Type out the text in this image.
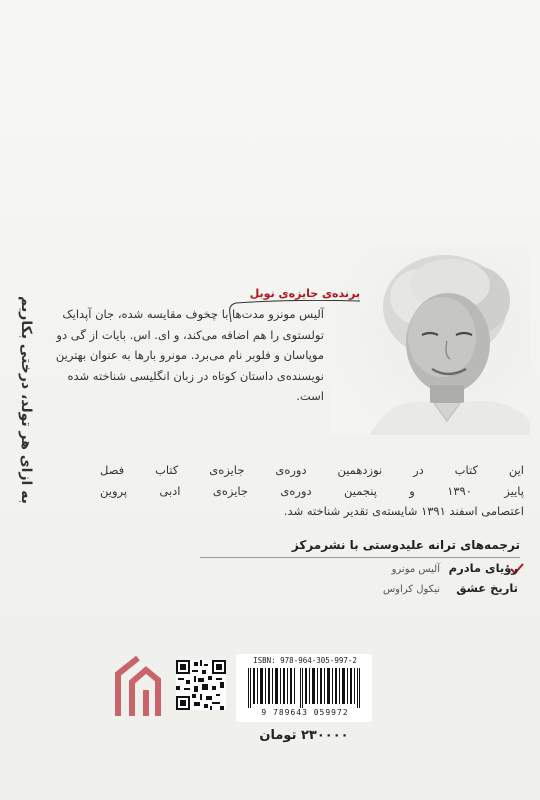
به ازای هر تولد، درختی بکاریم
برنده‌ی جایزه‌ی نوبل
آلیس مونرو مدت‌ها با چخوف مقایسه شده، جان آپدایک
تولستوی را هم اضافه می‌کند، و ای. اس. بایات از گی دو
موپاسان و فلوبر نام می‌برد. مونرو بارها به عنوان بهترین
نویسنده‌ی داستان کوتاه در زبان انگلیسی شناخته شده
است.
این کتاب در نوزدهمین دوره‌ی جایزه‌ی کتاب فصل
پاییز ۱۳۹۰ و پنجمین دوره‌ی جایزه‌ی ادبی پروین
اعتصامی اسفند ۱۳۹۱ شایسته‌ی تقدیر شناخته شد.
ترجمه‌های ترانه علیدوستی با نشرمرکز
رؤیای مادرم
آلیس مونرو
تاریخ عشق
نیکول کراوس
ISBN: 978-964-305-997-2
9 789643 059972
۲۳۰۰۰۰ تومان
